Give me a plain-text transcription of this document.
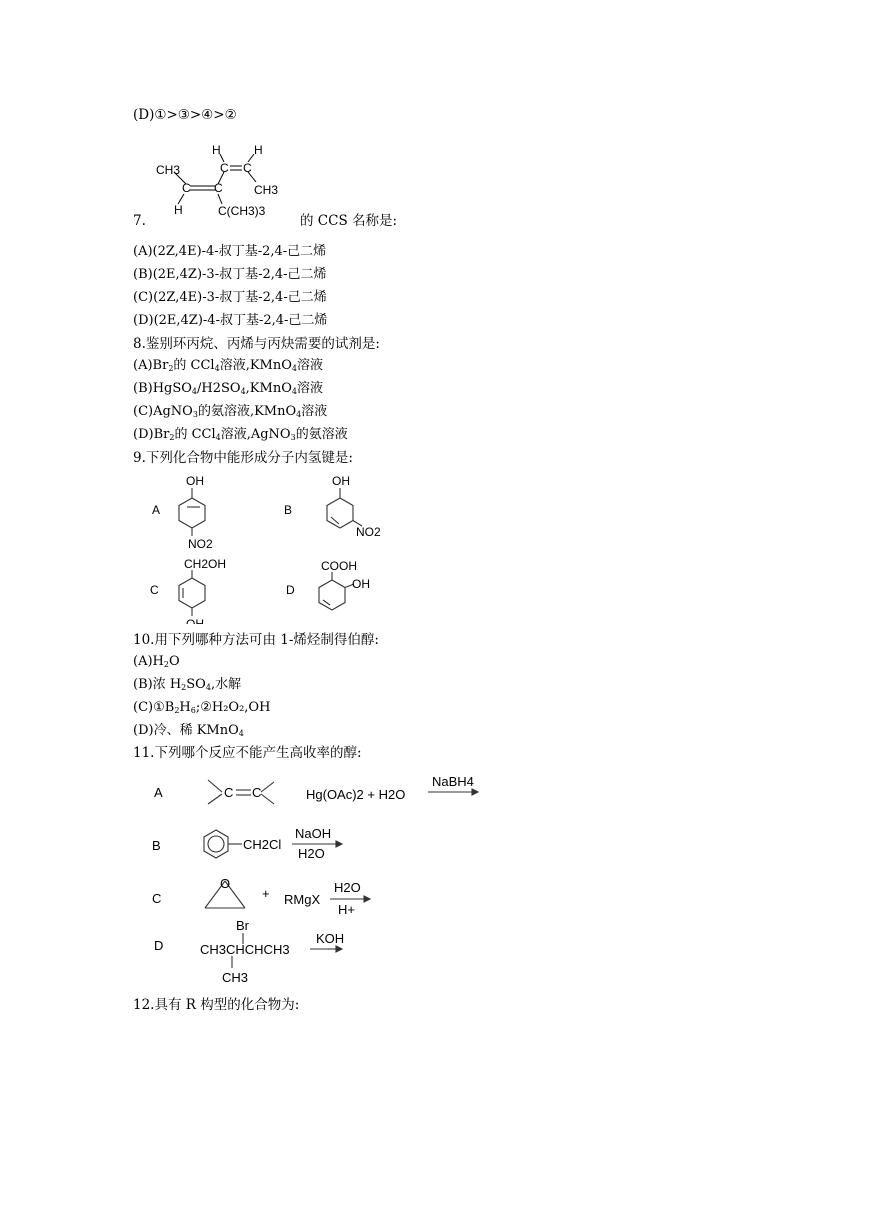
(D)①>③>④>②
CH3
C C
H	C(CH3)3
C C
H	H
CH3
7.	的 CCS 名称是:
(A)(2Z,4E)-4-叔丁基-2,4-己二烯
(B)(2E,4Z)-3-叔丁基-2,4-己二烯
(C)(2Z,4E)-3-叔丁基-2,4-己二烯
(D)(2E,4Z)-4-叔丁基-2,4-己二烯
8.鉴别环丙烷、丙烯与丙炔需要的试剂是:
$(A)Br_2$的 CCl$_4$溶液,KMnO$_4$溶液
$(B)HgSO_4/H2SO_4,KMnO_4$溶液
(C)AgNO$_3$的氨溶液,KMnO$_4$溶液
$(D)Br_2$的 CCl$_4$溶液,AgNO$_3$的氨溶液
9.下列化合物中能形成分子内氢键是:
A
OH
NO2
B
OH
NO2
C
CH2OH
D
COOH
OH
10.用下列哪种方法可由 1-烯烃制得伯醇:
$(A)H_2O$
(B)浓 $H_2SO_4$,水解
$(C)①B_2H_6;②H_2O_2,OH$
(D)冷、稀 KMnO$_4$
11.下列哪个反应不能产生高收率的醇:
A	C C	Hg(OAc)2 + H2O
NaBH4
B	CH2Cl
NaOH
H2O
C
O
+ RMgX
H2O
H+
D
Br
CH3CHCHCH3
CH3
KOH
12.具有 R 构型的化合物为:
